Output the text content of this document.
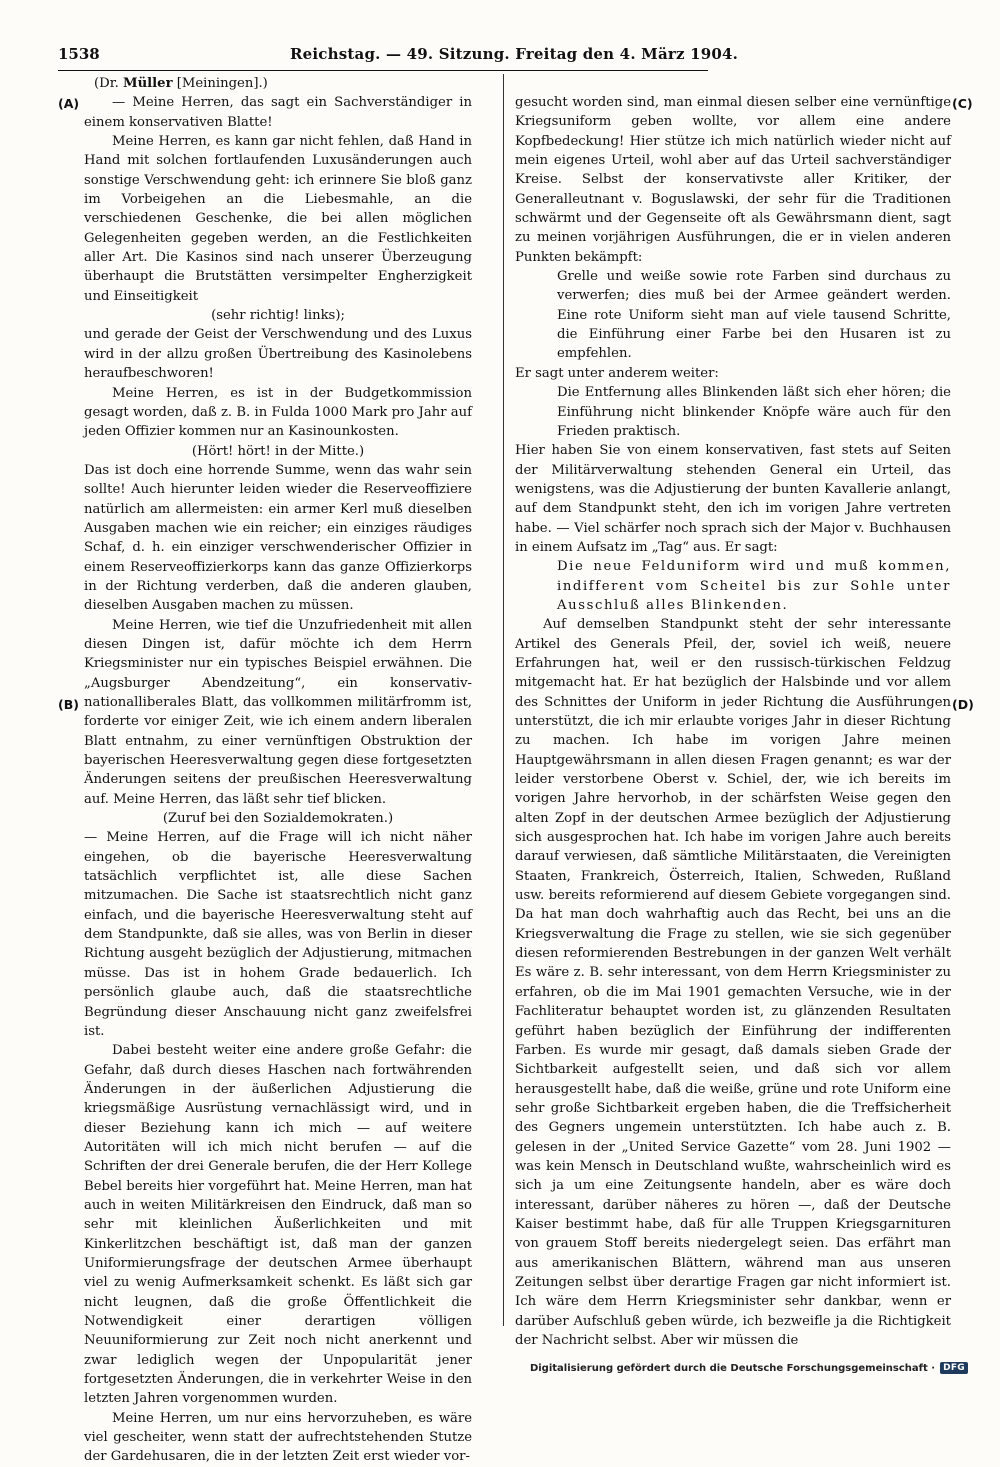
1538	Reichstag. — 49. Sitzung. Freitag den 4. März 1904.
(A)
(B)
(C)
(D)

(Dr. Müller [Meiningen].)

— Meine Herren, das sagt ein Sachverständiger in einem konservativen Blatte!

Meine Herren, es kann gar nicht fehlen, daß Hand in Hand mit solchen fortlaufenden Luxusänderungen auch sonstige Verschwendung geht: ich erinnere Sie bloß ganz im Vorbeigehen an die Liebesmahle, an die verschiedenen Geschenke, die bei allen möglichen Gelegenheiten gegeben werden, an die Festlichkeiten aller Art. Die Kasinos sind nach unserer Überzeugung überhaupt die Brutstätten versimpelter Engherzigkeit und Einseitigkeit

(sehr richtig! links);

und gerade der Geist der Verschwendung und des Luxus wird in der allzu großen Übertreibung des Kasinolebens heraufbeschworen!

Meine Herren, es ist in der Budgetkommission gesagt worden, daß z. B. in Fulda 1000 Mark pro Jahr auf jeden Offizier kommen nur an Kasinounkosten.

(Hört! hört! in der Mitte.)

Das ist doch eine horrende Summe, wenn das wahr sein sollte! Auch hierunter leiden wieder die Reserveoffiziere natürlich am allermeisten: ein armer Kerl muß dieselben Ausgaben machen wie ein reicher; ein einziges räudiges Schaf, d. h. ein einziger verschwenderischer Offizier in einem Reserveoffizierkorps kann das ganze Offizierkorps in der Richtung verderben, daß die anderen glauben, dieselben Ausgaben machen zu müssen.

Meine Herren, wie tief die Unzufriedenheit mit allen diesen Dingen ist, dafür möchte ich dem Herrn Kriegsminister nur ein typisches Beispiel erwähnen. Die „Augsburger Abendzeitung“, ein konservativ-nationalliberales Blatt, das vollkommen militärfromm ist, forderte vor einiger Zeit, wie ich einem andern liberalen Blatt entnahm, zu einer vernünftigen Obstruktion der bayerischen Heeresverwaltung gegen diese fortgesetzten Änderungen seitens der preußischen Heeresverwaltung auf. Meine Herren, das läßt sehr tief blicken.

(Zuruf bei den Sozialdemokraten.)

— Meine Herren, auf die Frage will ich nicht näher eingehen, ob die bayerische Heeresverwaltung tatsächlich verpflichtet ist, alle diese Sachen mitzumachen. Die Sache ist staatsrechtlich nicht ganz einfach, und die bayerische Heeresverwaltung steht auf dem Standpunkte, daß sie alles, was von Berlin in dieser Richtung ausgeht bezüglich der Adjustierung, mitmachen müsse. Das ist in hohem Grade bedauerlich. Ich persönlich glaube auch, daß die staatsrechtliche Begründung dieser Anschauung nicht ganz zweifelsfrei ist.

Dabei besteht weiter eine andere große Gefahr: die Gefahr, daß durch dieses Haschen nach fortwährenden Änderungen in der äußerlichen Adjustierung die kriegsmäßige Ausrüstung vernachlässigt wird, und in dieser Beziehung kann ich mich — auf weitere Autoritäten will ich mich nicht berufen — auf die Schriften der drei Generale berufen, die der Herr Kollege Bebel bereits hier vorgeführt hat. Meine Herren, man hat auch in weiten Militärkreisen den Eindruck, daß man so sehr mit kleinlichen Äußerlichkeiten und mit Kinkerlitzchen beschäftigt ist, daß man der ganzen Uniformierungsfrage der deutschen Armee überhaupt viel zu wenig Aufmerksamkeit schenkt. Es läßt sich gar nicht leugnen, daß die große Öffentlichkeit die Notwendigkeit einer derartigen völligen Neuuniformierung zur Zeit noch nicht anerkennt und zwar lediglich wegen der Unpopularität jener fortgesetzten Änderungen, die in verkehrter Weise in den letzten Jahren vorgenommen wurden.

Meine Herren, um nur eins hervorzuheben, es wäre viel gescheiter, wenn statt der aufrechtstehenden Stutze der Gardehusaren, die in der letzten Zeit erst wieder vor-

gesucht worden sind, man einmal diesen selber eine vernünftige Kriegsuniform geben wollte, vor allem eine andere Kopfbedeckung! Hier stütze ich mich natürlich wieder nicht auf mein eigenes Urteil, wohl aber auf das Urteil sachverständiger Kreise. Selbst der konservativste aller Kritiker, der Generalleutnant v. Boguslawski, der sehr für die Traditionen schwärmt und der Gegenseite oft als Gewährsmann dient, sagt zu meinen vorjährigen Ausführungen, die er in vielen anderen Punkten bekämpft:

Grelle und weiße sowie rote Farben sind durchaus zu verwerfen; dies muß bei der Armee geändert werden. Eine rote Uniform sieht man auf viele tausend Schritte, die Einführung einer Farbe bei den Husaren ist zu empfehlen.

Er sagt unter anderem weiter:

Die Entfernung alles Blinkenden läßt sich eher hören; die Einführung nicht blinkender Knöpfe wäre auch für den Frieden praktisch.

Hier haben Sie von einem konservativen, fast stets auf Seiten der Militärverwaltung stehenden General ein Urteil, das wenigstens, was die Adjustierung der bunten Kavallerie anlangt, auf dem Standpunkt steht, den ich im vorigen Jahre vertreten habe. — Viel schärfer noch sprach sich der Major v. Buchhausen in einem Aufsatz im „Tag“ aus. Er sagt:

Die neue Felduniform wird und muß kommen, indifferent vom Scheitel bis zur Sohle unter Ausschluß alles Blinkenden.

Auf demselben Standpunkt steht der sehr interessante Artikel des Generals Pfeil, der, soviel ich weiß, neuere Erfahrungen hat, weil er den russisch-türkischen Feldzug mitgemacht hat. Er hat bezüglich der Halsbinde und vor allem des Schnittes der Uniform in jeder Richtung die Ausführungen unterstützt, die ich mir erlaubte voriges Jahr in dieser Richtung zu machen. Ich habe im vorigen Jahre meinen Hauptgewährsmann in allen diesen Fragen genannt; es war der leider verstorbene Oberst v. Schiel, der, wie ich bereits im vorigen Jahre hervorhob, in der schärfsten Weise gegen den alten Zopf in der deutschen Armee bezüglich der Adjustierung sich ausgesprochen hat. Ich habe im vorigen Jahre auch bereits darauf verwiesen, daß sämtliche Militärstaaten, die Vereinigten Staaten, Frankreich, Österreich, Italien, Schweden, Rußland usw. bereits reformierend auf diesem Gebiete vorgegangen sind. Da hat man doch wahrhaftig auch das Recht, bei uns an die Kriegsverwaltung die Frage zu stellen, wie sie sich gegenüber diesen reformierenden Bestrebungen in der ganzen Welt verhält Es wäre z. B. sehr interessant, von dem Herrn Kriegsminister zu erfahren, ob die im Mai 1901 gemachten Versuche, wie in der Fachliteratur behauptet worden ist, zu glänzenden Resultaten geführt haben bezüglich der Einführung der indifferenten Farben. Es wurde mir gesagt, daß damals sieben Grade der Sichtbarkeit aufgestellt seien, und daß sich vor allem herausgestellt habe, daß die weiße, grüne und rote Uniform eine sehr große Sichtbarkeit ergeben haben, die die Treffsicherheit des Gegners ungemein unterstützten. Ich habe auch z. B. gelesen in der „United Service Gazette“ vom 28. Juni 1902 — was kein Mensch in Deutschland wußte, wahrscheinlich wird es sich ja um eine Zeitungsente handeln, aber es wäre doch interessant, darüber näheres zu hören —, daß der Deutsche Kaiser bestimmt habe, daß für alle Truppen Kriegsgarnituren von grauem Stoff bereits niedergelegt seien. Das erfährt man aus amerikanischen Blättern, während man aus unseren Zeitungen selbst über derartige Fragen gar nicht informiert ist. Ich wäre dem Herrn Kriegsminister sehr dankbar, wenn er darüber Aufschluß geben würde, ich bezweifle ja die Richtigkeit der Nachricht selbst. Aber wir müssen die

Digitalisierung gefördert durch die Deutsche Forschungsgemeinschaft · DFG
